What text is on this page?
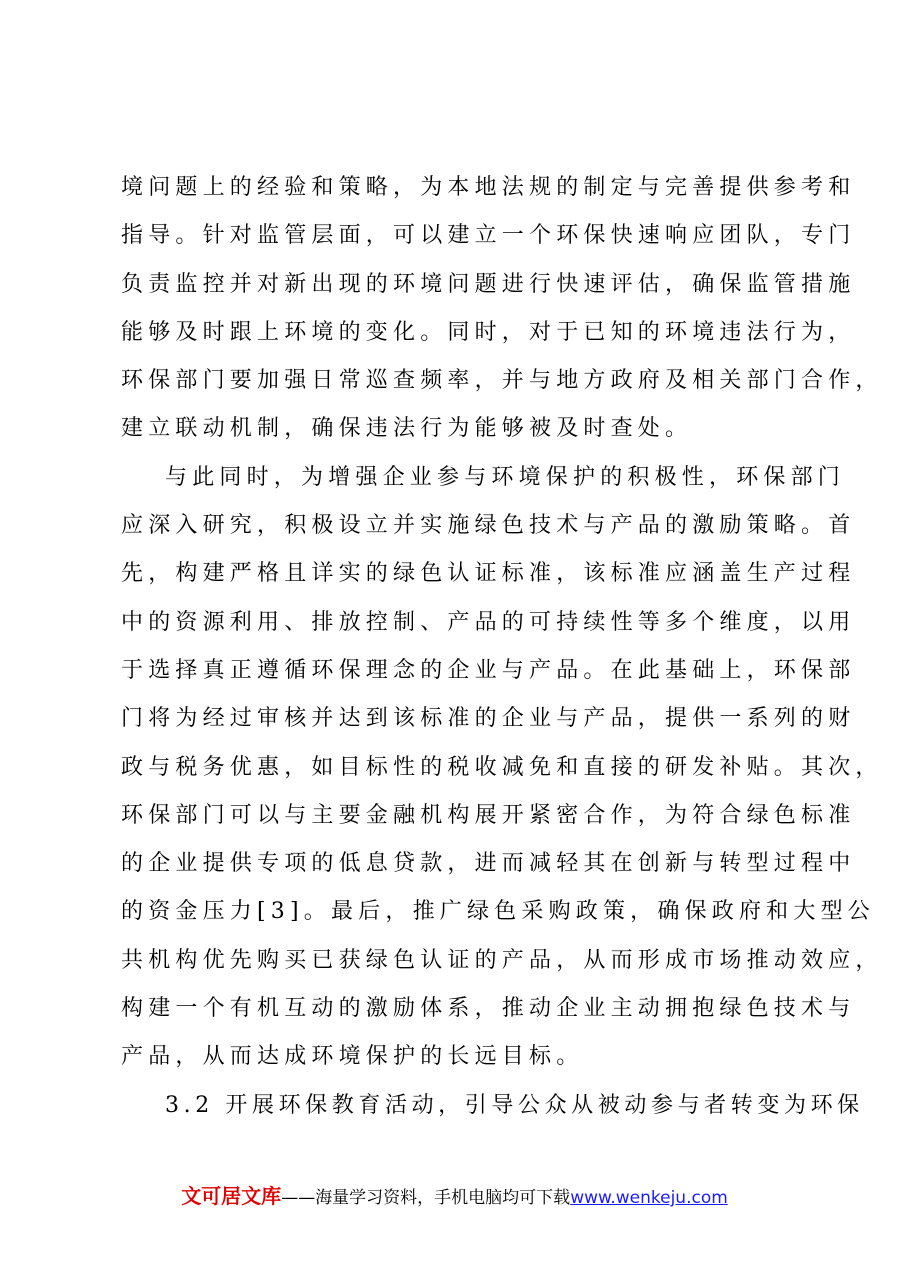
境问题上的经验和策略，为本地法规的制定与完善提供参考和
指导。针对监管层面，可以建立一个环保快速响应团队，专门
负责监控并对新出现的环境问题进行快速评估，确保监管措施
能够及时跟上环境的变化。同时，对于已知的环境违法行为，
环保部门要加强日常巡查频率，并与地方政府及相关部门合作，
建立联动机制，确保违法行为能够被及时查处。
与此同时，为增强企业参与环境保护的积极性，环保部门
应深入研究，积极设立并实施绿色技术与产品的激励策略。首
先，构建严格且详实的绿色认证标准，该标准应涵盖生产过程
中的资源利用、排放控制、产品的可持续性等多个维度，以用
于选择真正遵循环保理念的企业与产品。在此基础上，环保部
门将为经过审核并达到该标准的企业与产品，提供一系列的财
政与税务优惠，如目标性的税收减免和直接的研发补贴。其次，
环保部门可以与主要金融机构展开紧密合作，为符合绿色标准
的企业提供专项的低息贷款，进而减轻其在创新与转型过程中
的资金压力[3]。最后，推广绿色采购政策，确保政府和大型公
共机构优先购买已获绿色认证的产品，从而形成市场推动效应，
构建一个有机互动的激励体系，推动企业主动拥抱绿色技术与
产品，从而达成环境保护的长远目标。
3.2 开展环保教育活动，引导公众从被动参与者转变为环保
文可居文库——海量学习资料，手机电脑均可下载www.wenkeju.com
